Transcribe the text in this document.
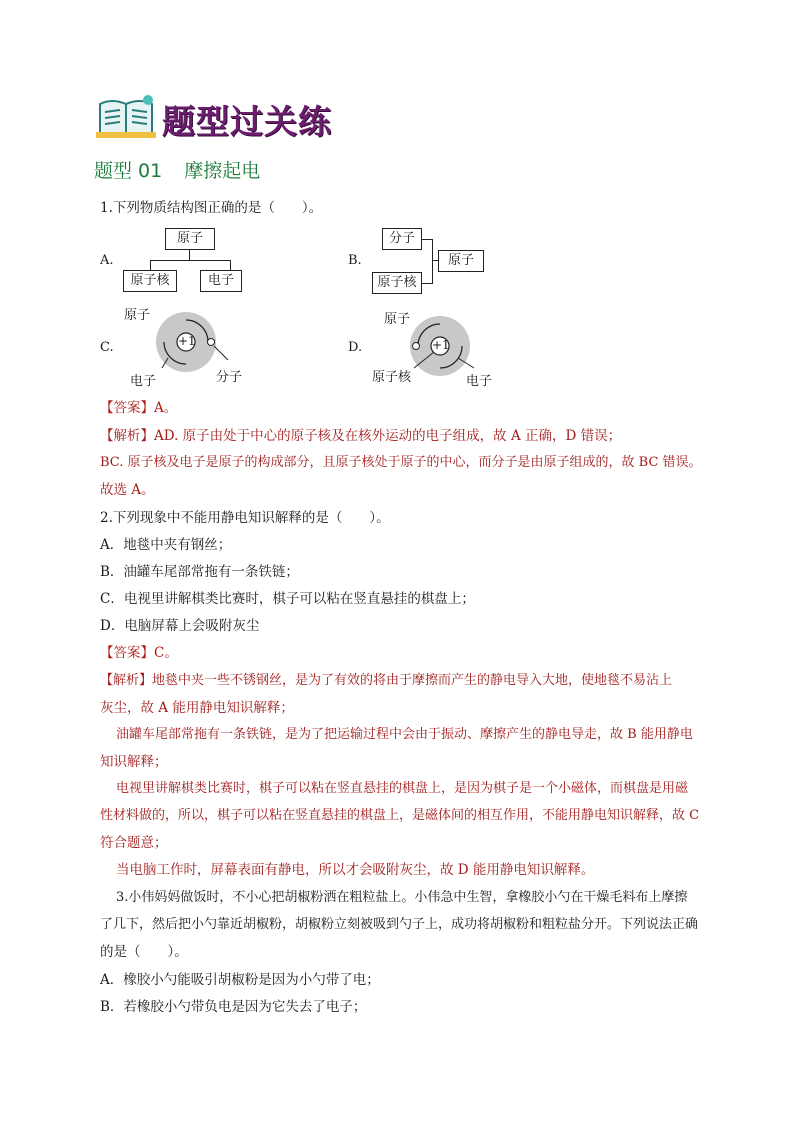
题型过关练
题型 01 摩擦起电
1.下列物质结构图正确的是（　　）。
A.
原子
原子核	电子
B.
分子
原子核
原子
C.
原子
+1
电子	分子
D.
原子
+1
原子核	电子
【答案】A。
【解析】AD. 原子由处于中心的原子核及在核外运动的电子组成，故 A 正确，D 错误；
BC. 原子核及电子是原子的构成部分，且原子核处于原子的中心，而分子是由原子组成的，故 BC 错误。
故选 A。
2.下列现象中不能用静电知识解释的是（　　）。
A．地毯中夹有钢丝；
B．油罐车尾部常拖有一条铁链；
C．电视里讲解棋类比赛时，棋子可以粘在竖直悬挂的棋盘上；
D．电脑屏幕上会吸附灰尘
【答案】C。
【解析】地毯中夹一些不锈钢丝，是为了有效的将由于摩擦而产生的静电导入大地，使地毯不易沾上
灰尘，故 A 能用静电知识解释；
油罐车尾部常拖有一条铁链，是为了把运输过程中会由于振动、摩擦产生的静电导走，故 B 能用静电
知识解释；
电视里讲解棋类比赛时，棋子可以粘在竖直悬挂的棋盘上，是因为棋子是一个小磁体，而棋盘是用磁
性材料做的，所以，棋子可以粘在竖直悬挂的棋盘上，是磁体间的相互作用，不能用静电知识解释，故 C
符合题意；
当电脑工作时，屏幕表面有静电，所以才会吸附灰尘，故 D 能用静电知识解释。
3.小伟妈妈做饭时，不小心把胡椒粉洒在粗粒盐上。小伟急中生智，拿橡胶小勺在干燥毛料布上摩擦
了几下，然后把小勺靠近胡椒粉，胡椒粉立刻被吸到勺子上，成功将胡椒粉和粗粒盐分开。下列说法正确
的是（　　）。
A．橡胶小勺能吸引胡椒粉是因为小勺带了电；
B．若橡胶小勺带负电是因为它失去了电子；
